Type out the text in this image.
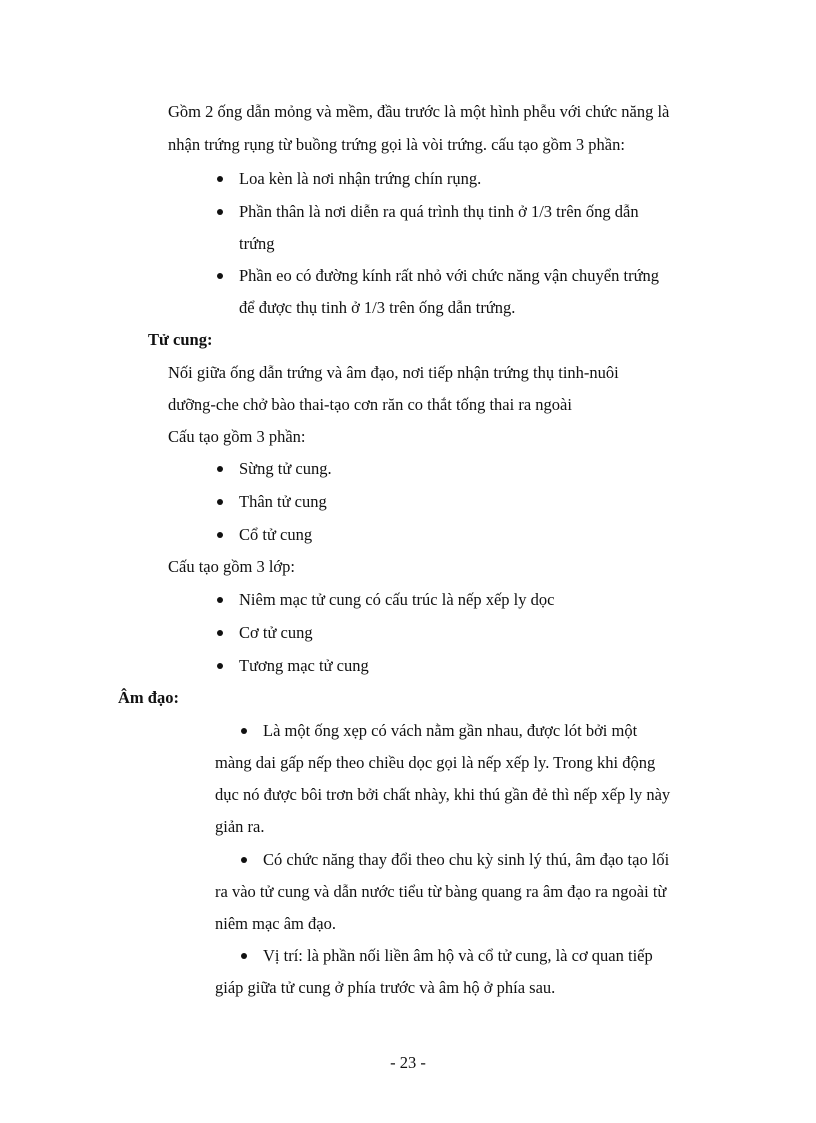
Gồm 2 ống dẫn mỏng và mềm, đầu trước là một hình phễu với chức năng là
nhận trứng rụng từ buồng trứng gọi là vòi trứng. cấu tạo gồm 3 phần:
Loa kèn là nơi nhận trứng chín rụng.
Phần thân là nơi diễn ra quá trình thụ tinh ở 1/3 trên ống dẫn
trứng
Phần eo có đường kính rất nhỏ với chức năng vận chuyển trứng
để được thụ tinh ở 1/3 trên ống dẫn trứng.
Tử cung:
Nối giữa ống dẫn trứng và âm đạo, nơi tiếp nhận trứng thụ tinh-nuôi
dưỡng-che chở bào thai-tạo cơn răn co thắt tống thai ra ngoài
Cấu tạo gồm 3 phần:
Sừng tử cung.
Thân tử cung
Cổ tử cung
Cấu tạo gồm 3 lớp:
Niêm mạc tử cung có cấu trúc là nếp xếp ly dọc
Cơ tử cung
Tương mạc tử cung
Âm đạo:
Là một ống xẹp có vách nằm gần nhau, được lót bởi một
màng dai gấp nếp theo chiều dọc gọi là nếp xếp ly. Trong khi động
dục nó được bôi trơn bởi chất nhày, khi thú gần đẻ thì nếp xếp ly này
giản ra.
Có chức năng thay đổi theo chu kỳ sinh lý thú, âm đạo tạo lối
ra vào tử cung và dẫn nước tiểu từ bàng quang ra âm đạo ra ngoài từ
niêm mạc âm đạo.
Vị trí: là phần nối liền âm hộ và cổ tử cung, là cơ quan tiếp
giáp giữa tử cung ở phía trước và âm hộ ở phía sau.
- 23 -
